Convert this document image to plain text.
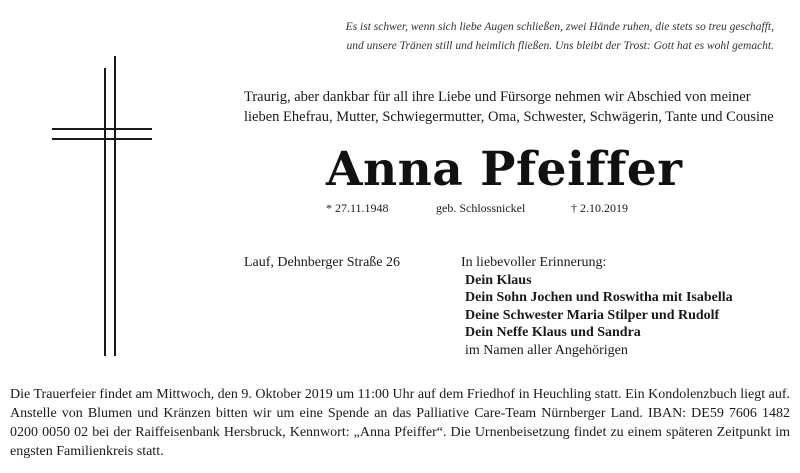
Es ist schwer, wenn sich liebe Augen schließen, zwei Hände ruhen, die stets so treu geschafft,
und unsere Tränen still und heimlich fließen. Uns bleibt der Trost: Gott hat es wohl gemacht.
Traurig, aber dankbar für all ihre Liebe und Fürsorge nehmen wir Abschied von meiner
lieben Ehefrau, Mutter, Schwiegermutter, Oma, Schwester, Schwägerin, Tante und Cousine
Anna Pfeiffer
* 27.11.1948	geb. Schlossnickel	† 2.10.2019
Lauf, Dehnberger Straße 26	In liebevoller Erinnerung:
Dein Klaus
Dein Sohn Jochen und Roswitha mit Isabella
Deine Schwester Maria Stilper und Rudolf
Dein Neffe Klaus und Sandra
im Namen aller Angehörigen
Die Trauerfeier findet am Mittwoch, den 9. Oktober 2019 um 11:00 Uhr auf dem Friedhof in Heuchling statt. Ein Kondolenzbuch liegt auf. Anstelle von Blumen und Kränzen bitten wir um eine Spende an das Palliative Care-Team Nürnberger Land. IBAN: DE59 7606 1482 0200 0050 02 bei der Raiffeisenbank Hersbruck, Kennwort: „Anna Pfeiffer“. Die Urnenbeisetzung findet zu einem späteren Zeitpunkt im engsten Familienkreis statt.
